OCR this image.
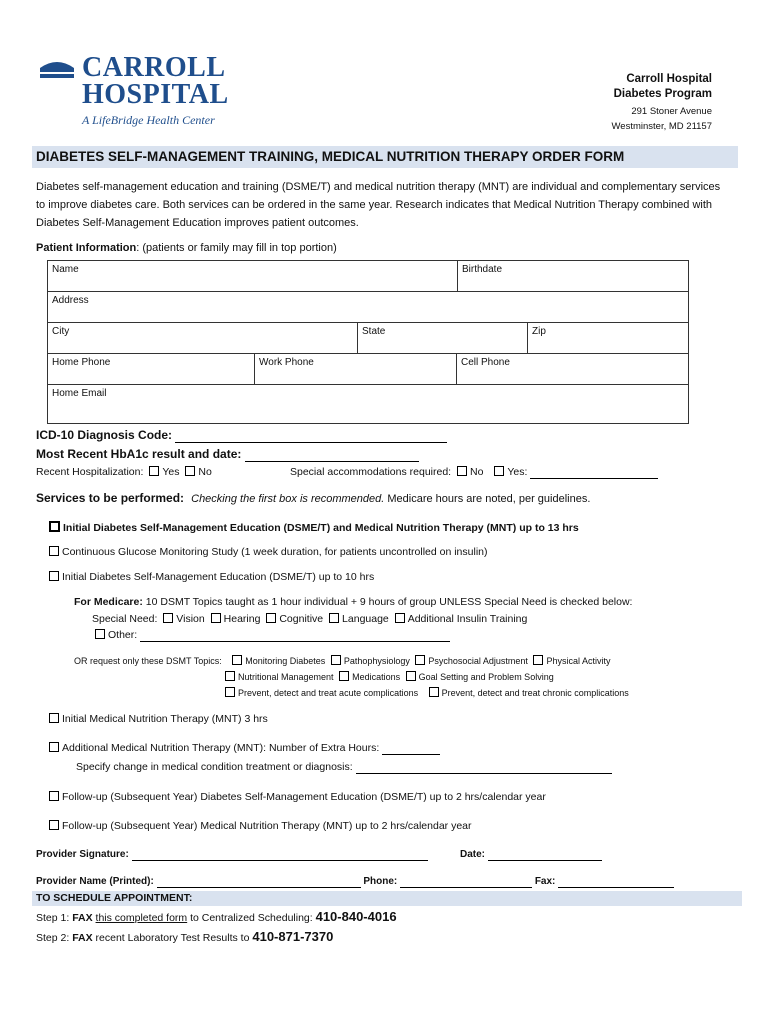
CARROLL
HOSPITAL
A LifeBridge Health Center
Carroll Hospital
Diabetes Program
291 Stoner Avenue
Westminster, MD 21157
DIABETES SELF-MANAGEMENT TRAINING, MEDICAL NUTRITION THERAPY ORDER FORM
Diabetes self-management education and training (DSME/T) and medical nutrition therapy (MNT) are individual and complementary services to improve diabetes care. Both services can be ordered in the same year. Research indicates that Medical Nutrition Therapy combined with Diabetes Self-Management Education improves patient outcomes.
Patient Information: (patients or family may fill in top portion)
Name	Birthdate
Address
City	State	Zip
Home Phone	Work Phone	Cell Phone
Home Email
ICD-10 Diagnosis Code:
Most Recent HbA1c result and date:
Recent Hospitalization: Yes No	Special accommodations required: No Yes:
Services to be performed: Checking the first box is recommended. Medicare hours are noted, per guidelines.
Initial Diabetes Self-Management Education (DSME/T) and Medical Nutrition Therapy (MNT) up to 13 hrs
Continuous Glucose Monitoring Study (1 week duration, for patients uncontrolled on insulin)
Initial Diabetes Self-Management Education (DSME/T) up to 10 hrs
For Medicare: 10 DSMT Topics taught as 1 hour individual + 9 hours of group UNLESS Special Need is checked below:
Special Need: Vision Hearing Cognitive Language Additional Insulin Training
Other:
OR request only these DSMT Topics:	Monitoring Diabetes Pathophysiology Psychosocial Adjustment Physical Activity
Nutritional Management Medications Goal Setting and Problem Solving
Prevent, detect and treat acute complications	Prevent, detect and treat chronic complications
Initial Medical Nutrition Therapy (MNT) 3 hrs
Additional Medical Nutrition Therapy (MNT): Number of Extra Hours:
Specify change in medical condition treatment or diagnosis:
Follow-up (Subsequent Year) Diabetes Self-Management Education (DSME/T) up to 2 hrs/calendar year
Follow-up (Subsequent Year) Medical Nutrition Therapy (MNT) up to 2 hrs/calendar year
Provider Signature:	Date:
Provider Name (Printed):	Phone:	Fax:
TO SCHEDULE APPOINTMENT:
Step 1: FAX this completed form to Centralized Scheduling: 410-840-4016
Step 2: FAX recent Laboratory Test Results to 410-871-7370
